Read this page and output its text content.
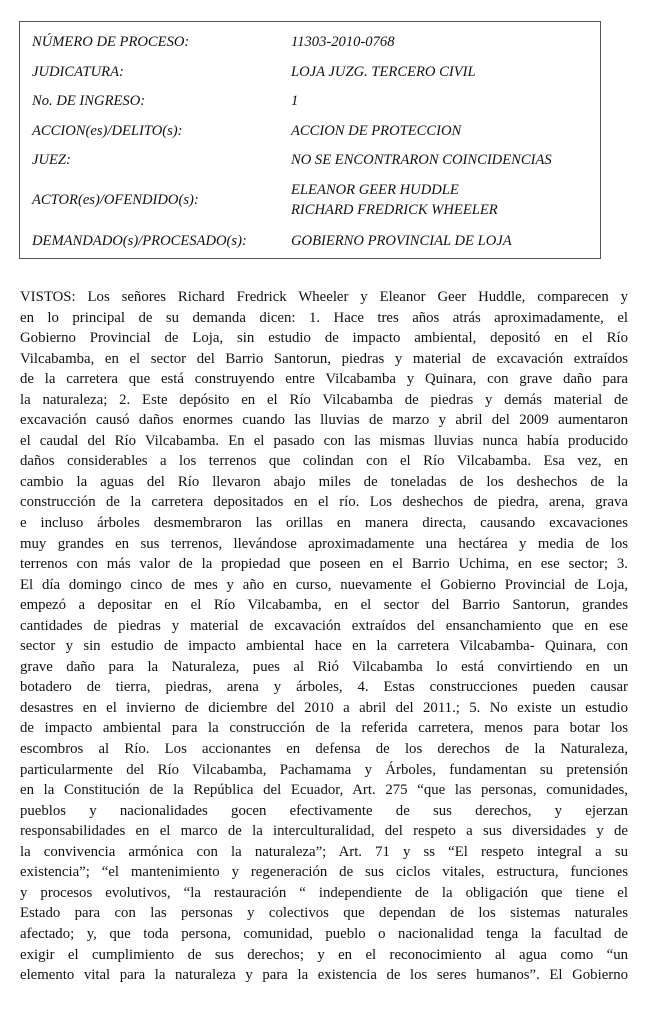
NÚMERO DE PROCESO:	11303-2010-0768
JUDICATURA:	LOJA JUZG. TERCERO CIVIL
No. DE INGRESO:	1
ACCION(es)/DELITO(s):	ACCION DE PROTECCION
JUEZ:	NO SE ENCONTRARON COINCIDENCIAS
ACTOR(es)/OFENDIDO(s):
ELEANOR GEER HUDDLE
RICHARD FREDRICK WHEELER
DEMANDADO(s)/PROCESADO(s):	GOBIERNO PROVINCIAL DE LOJA

VISTOS: Los señores Richard Fredrick Wheeler y Eleanor Geer Huddle, comparecen y
en lo principal de su demanda dicen: 1. Hace tres años atrás aproximadamente, el
Gobierno Provincial de Loja, sin estudio de impacto ambiental, depositó en el Río
Vilcabamba, en el sector del Barrio Santorun, piedras y material de excavación extraídos
de la carretera que está construyendo entre Vilcabamba y Quinara, con grave daño para
la naturaleza; 2. Este depósito en el Río Vilcabamba de piedras y demás material de
excavación causó daños enormes cuando las lluvias de marzo y abril del 2009 aumentaron
el caudal del Río Vilcabamba. En el pasado con las mismas lluvias nunca había producido
daños considerables a los terrenos que colindan con el Río Vilcabamba. Esa vez, en
cambio la aguas del Río llevaron abajo miles de toneladas de los deshechos de la
construcción de la carretera depositados en el río. Los deshechos de piedra, arena, grava
e incluso árboles desmembraron las orillas en manera directa, causando excavaciones
muy grandes en sus terrenos, llevándose aproximadamente una hectárea y media de los
terrenos con más valor de la propiedad que poseen en el Barrio Uchima, en ese sector; 3.
El día domingo cinco de mes y año en curso, nuevamente el Gobierno Provincial de Loja,
empezó a depositar en el Río Vilcabamba, en el sector del Barrio Santorun, grandes
cantidades de piedras y material de excavación extraídos del ensanchamiento que en ese
sector y sin estudio de impacto ambiental hace en la carretera Vilcabamba- Quinara, con
grave daño para la Naturaleza, pues al Rió Vilcabamba lo está convirtiendo en un
botadero de tierra, piedras, arena y árboles, 4. Estas construcciones pueden causar
desastres en el invierno de diciembre del 2010 a abril del 2011.; 5. No existe un estudio
de impacto ambiental para la construcción de la referida carretera, menos para botar los
escombros al Río. Los accionantes en defensa de los derechos de la Naturaleza,
particularmente del Río Vilcabamba, Pachamama y Árboles, fundamentan su pretensión
en la Constitución de la República del Ecuador, Art. 275 “que las personas, comunidades,
pueblos y nacionalidades gocen efectivamente de sus derechos, y ejerzan
responsabilidades en el marco de la interculturalidad, del respeto a sus diversidades y de
la convivencia armónica con la naturaleza”; Art. 71 y ss “El respeto integral a su
existencia”; “el mantenimiento y regeneración de sus ciclos vitales, estructura, funciones
y procesos evolutivos, “la restauración “ independiente de la obligación que tiene el
Estado para con las personas y colectivos que dependan de los sistemas naturales
afectado; y, que toda persona, comunidad, pueblo o nacionalidad tenga la facultad de
exigir el cumplimiento de sus derechos; y en el reconocimiento al agua como “un
elemento vital para la naturaleza y para la existencia de los seres humanos”. El Gobierno
